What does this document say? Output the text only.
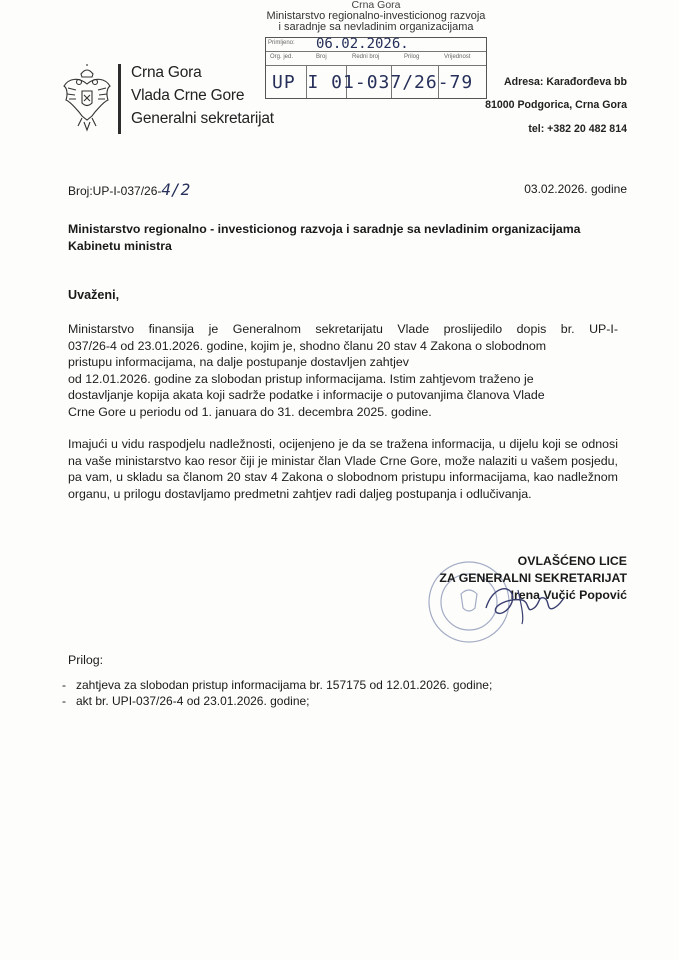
Crna Gora
Ministarstvo regionalno-investicionog razvoja
i saradnje sa nevladinim organizacijama
Primljeno:
Org. jed.	Broj	Redni broj	Prilog	Vrijednost
06.02.2026.
UP I 01-037/26-79
Crna Gora
Vlada Crne Gore
Generalni sekretarijat
Adresa: Karađorđeva bb
81000 Podgorica, Crna Gora
tel: +382 20 482 814
Broj:UP-I-037/26-4/2	03.02.2026. godine
Ministarstvo regionalno - investicionog razvoja i saradnje sa nevladinim organizacijama
Kabinetu ministra
Uvaženi,
Ministarstvo finansija je Generalnom sekretarijatu Vlade proslijedilo dopis br. UP-I-
037/26-4 od 23.01.2026. godine, kojim je, shodno članu 20 stav 4 Zakona o slobodnom
pristupu informacijama, na dalje postupanje dostavljen zahtjev
od 12.01.2026. godine za slobodan pristup informacijama. Istim zahtjevom traženo je
dostavljanje kopija akata koji sadrže podatke i informacije o putovanjima članova Vlade
Crne Gore u periodu od 1. januara do 31. decembra 2025. godine.
Imajući u vidu raspodjelu nadležnosti, ocijenjeno je da se tražena informacija, u dijelu koji se odnosi na vaše ministarstvo kao resor čiji je ministar član Vlade Crne Gore, može nalaziti u vašem posjedu, pa vam, u skladu sa članom 20 stav 4 Zakona o slobodnom pristupu informacijama, kao nadležnom organu, u prilogu dostavljamo predmetni zahtjev radi daljeg postupanja i odlučivanja.
OVLAŠĆENO LICE
ZA GENERALNI SEKRETARIJAT
Irena Vučić Popović
Prilog:
- zahtjeva za slobodan pristup informacijama br. 157175 od 12.01.2026. godine;
- akt br. UPI-037/26-4 od 23.01.2026. godine;
